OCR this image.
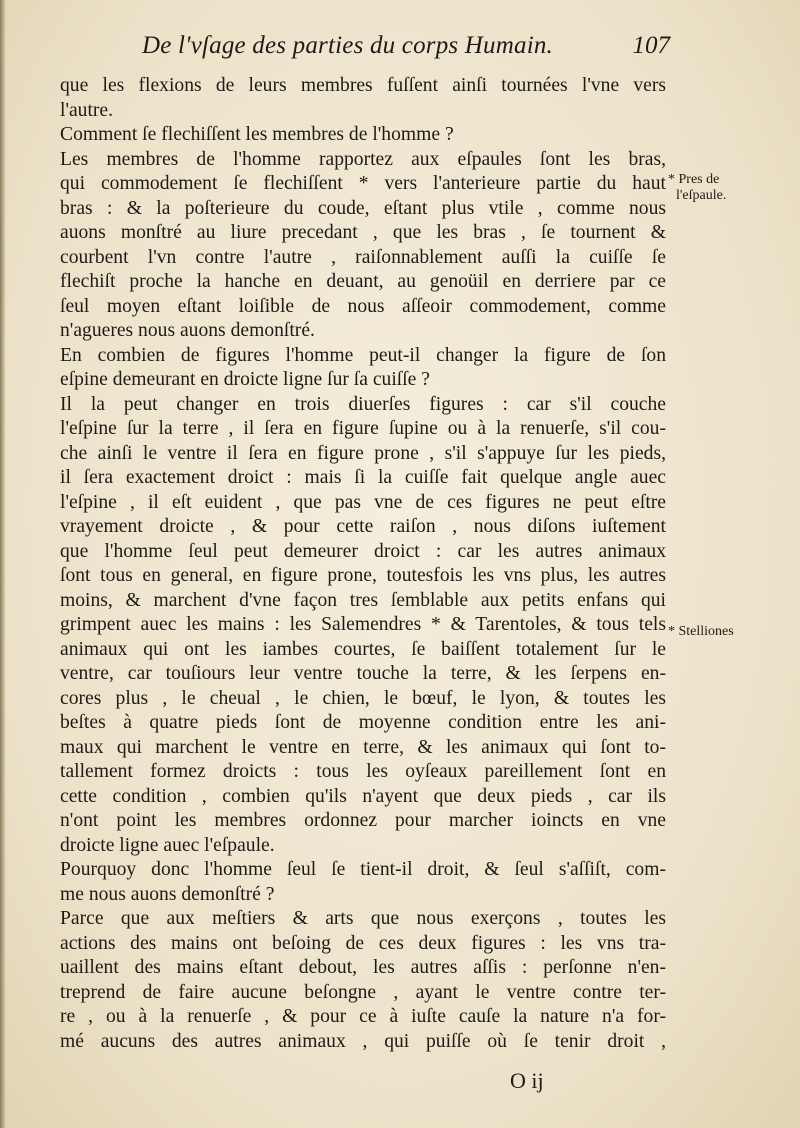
De l'vſage des parties du corps Humain.	107
que les flexions de leurs membres fuſſent ainſi tournées l'vne vers
l'autre.
Comment ſe flechiſſent les membres de l'homme ?
Les membres de l'homme rapportez aux eſpaules ſont les bras,
qui commodement ſe flechiſſent * vers l'anterieure partie du haut
bras : & la poſterieure du coude, eſtant plus vtile , comme nous
auons monſtré au liure precedant , que les bras , ſe tournent &
courbent l'vn contre l'autre , raiſonnablement auſſi la cuiſſe ſe
flechiſt proche la hanche en deuant, au genoüil en derriere par ce
ſeul moyen eſtant loiſible de nous aſſeoir commodement, comme
n'agueres nous auons demonſtré.
En combien de figures l'homme peut-il changer la figure de ſon
eſpine demeurant en droicte ligne ſur ſa cuiſſe ?
Il la peut changer en trois diuerſes figures : car s'il couche
l'eſpine ſur la terre , il ſera en figure ſupine ou à la renuerſe, s'il cou-
che ainſi le ventre il ſera en figure prone , s'il s'appuye ſur les pieds,
il ſera exactement droict : mais ſi la cuiſſe fait quelque angle auec
l'eſpine , il eſt euident , que pas vne de ces figures ne peut eſtre
vrayement droicte , & pour cette raiſon , nous diſons iuſtement
que l'homme ſeul peut demeurer droict : car les autres animaux
ſont tous en general, en figure prone, toutesfois les vns plus, les autres
moins, & marchent d'vne façon tres ſemblable aux petits enfans qui
grimpent auec les mains : les Salemendres * & Tarentoles, & tous tels
animaux qui ont les iambes courtes, ſe baiſſent totalement ſur le
ventre, car touſiours leur ventre touche la terre, & les ſerpens en-
cores plus , le cheual , le chien, le bœuf, le lyon, & toutes les
beſtes à quatre pieds ſont de moyenne condition entre les ani-
maux qui marchent le ventre en terre, & les animaux qui ſont to-
tallement formez droicts : tous les oyſeaux pareillement ſont en
cette condition , combien qu'ils n'ayent que deux pieds , car ils
n'ont point les membres ordonnez pour marcher ioincts en vne
droicte ligne auec l'eſpaule.
Pourquoy donc l'homme ſeul ſe tient-il droit, & ſeul s'aſſiſt, com-
me nous auons demonſtré ?
Parce que aux meſtiers & arts que nous exerçons , toutes les
actions des mains ont beſoing de ces deux figures : les vns tra-
uaillent des mains eſtant debout, les autres aſſis : perſonne n'en-
treprend de faire aucune beſongne , ayant le ventre contre ter-
re , ou à la renuerſe , & pour ce à iuſte cauſe la nature n'a for-
mé aucuns des autres animaux , qui puiſſe où ſe tenir droit ,
* Pres de
l'eſpaule.
* Stelliones
O ij
